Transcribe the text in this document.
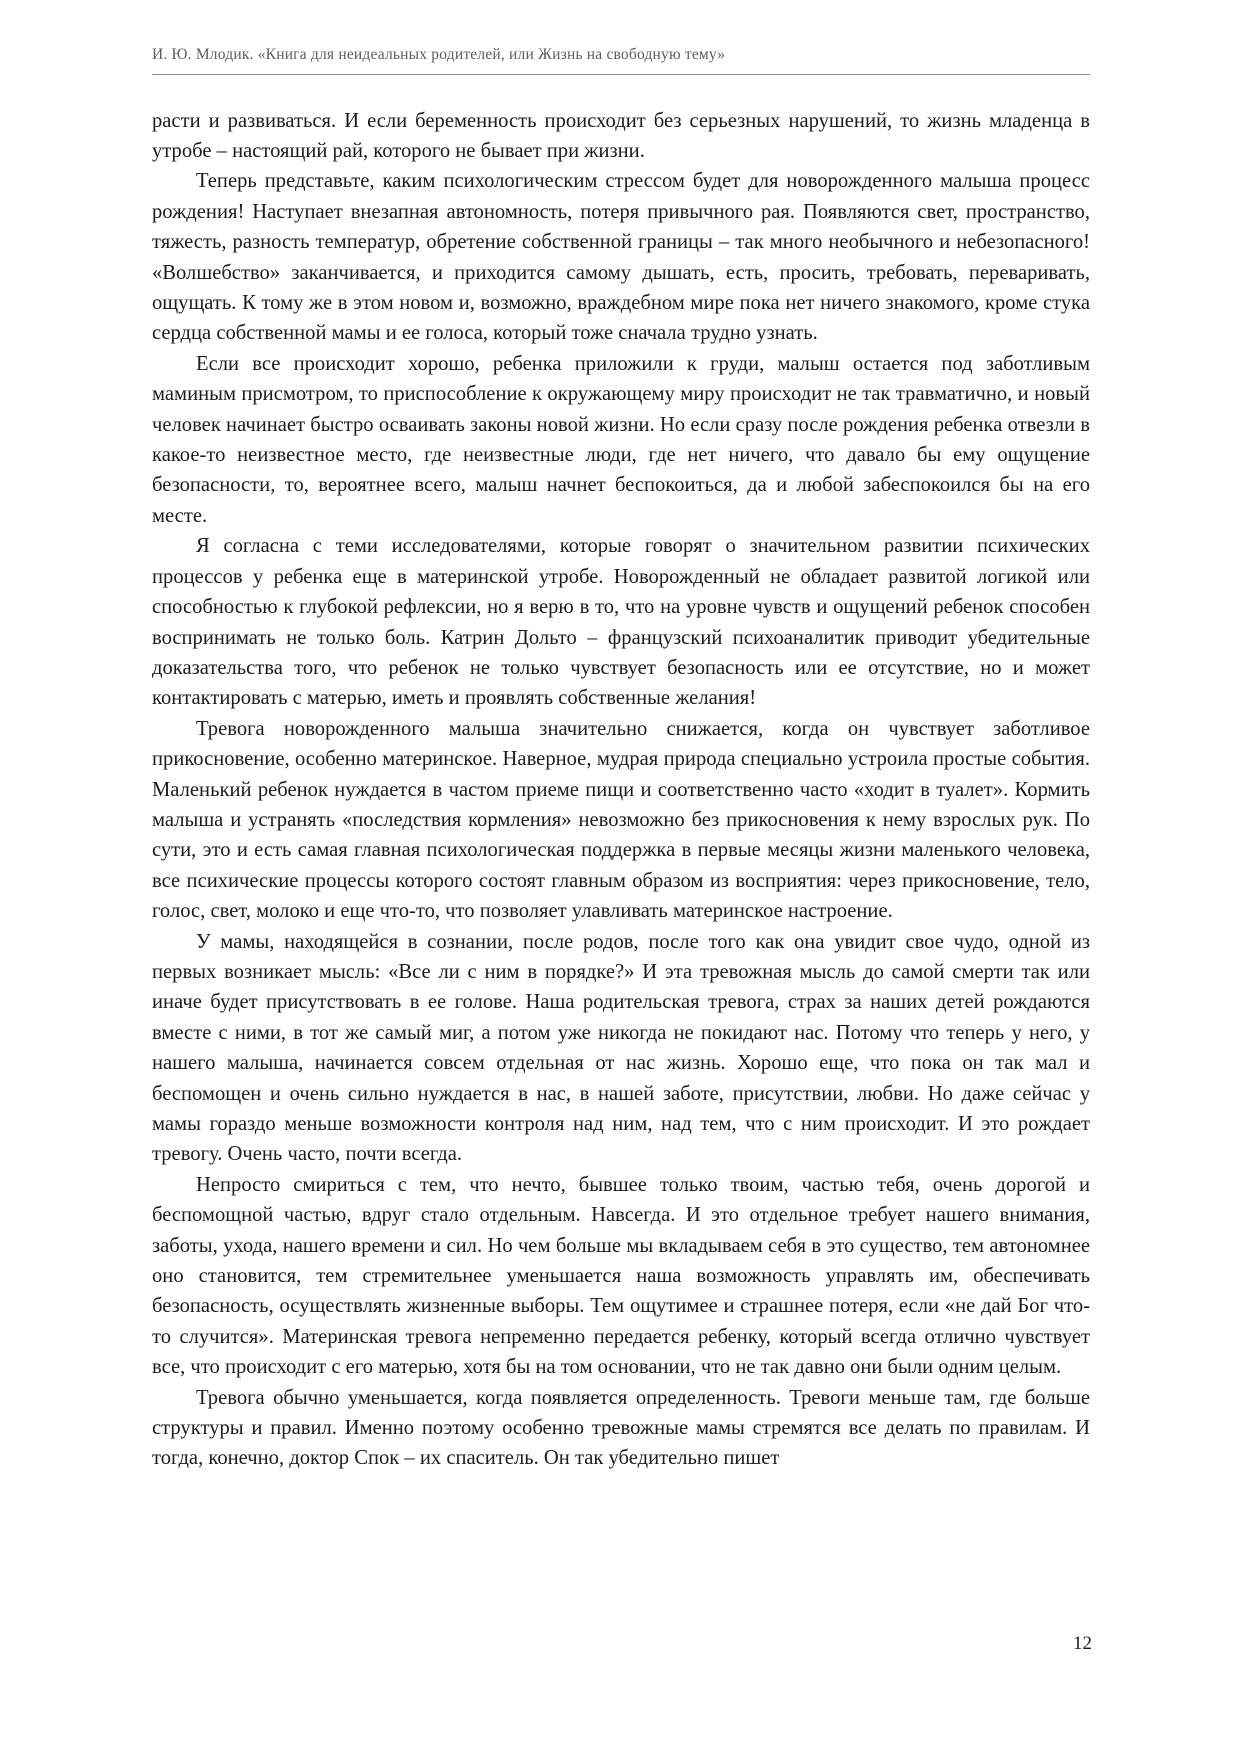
И. Ю. Млодик. «Книга для неидеальных родителей, или Жизнь на свободную тему»

расти и развиваться. И если беременность происходит без серьезных нарушений, то жизнь младенца в утробе – настоящий рай, которого не бывает при жизни.

Теперь представьте, каким психологическим стрессом будет для новорожденного малыша процесс рождения! Наступает внезапная автономность, потеря привычного рая. Появляются свет, пространство, тяжесть, разность температур, обретение собственной границы – так много необычного и небезопасного! «Волшебство» заканчивается, и приходится самому дышать, есть, просить, требовать, переваривать, ощущать. К тому же в этом новом и, возможно, враждебном мире пока нет ничего знакомого, кроме стука сердца собственной мамы и ее голоса, который тоже сначала трудно узнать.

Если все происходит хорошо, ребенка приложили к груди, малыш остается под заботливым маминым присмотром, то приспособление к окружающему миру происходит не так травматично, и новый человек начинает быстро осваивать законы новой жизни. Но если сразу после рождения ребенка отвезли в какое-то неизвестное место, где неизвестные люди, где нет ничего, что давало бы ему ощущение безопасности, то, вероятнее всего, малыш начнет беспокоиться, да и любой забеспокоился бы на его месте.

Я согласна с теми исследователями, которые говорят о значительном развитии психических процессов у ребенка еще в материнской утробе. Новорожденный не обладает развитой логикой или способностью к глубокой рефлексии, но я верю в то, что на уровне чувств и ощущений ребенок способен воспринимать не только боль. Катрин Дольто – французский психоаналитик приводит убедительные доказательства того, что ребенок не только чувствует безопасность или ее отсутствие, но и может контактировать с матерью, иметь и проявлять собственные желания!

Тревога новорожденного малыша значительно снижается, когда он чувствует заботливое прикосновение, особенно материнское. Наверное, мудрая природа специально устроила простые события. Маленький ребенок нуждается в частом приеме пищи и соответственно часто «ходит в туалет». Кормить малыша и устранять «последствия кормления» невозможно без прикосновения к нему взрослых рук. По сути, это и есть самая главная психологическая поддержка в первые месяцы жизни маленького человека, все психические процессы которого состоят главным образом из восприятия: через прикосновение, тело, голос, свет, молоко и еще что-то, что позволяет улавливать материнское настроение.

У мамы, находящейся в сознании, после родов, после того как она увидит свое чудо, одной из первых возникает мысль: «Все ли с ним в порядке?» И эта тревожная мысль до самой смерти так или иначе будет присутствовать в ее голове. Наша родительская тревога, страх за наших детей рождаются вместе с ними, в тот же самый миг, а потом уже никогда не покидают нас. Потому что теперь у него, у нашего малыша, начинается совсем отдельная от нас жизнь. Хорошо еще, что пока он так мал и беспомощен и очень сильно нуждается в нас, в нашей заботе, присутствии, любви. Но даже сейчас у мамы гораздо меньше возможности контроля над ним, над тем, что с ним происходит. И это рождает тревогу. Очень часто, почти всегда.

Непросто смириться с тем, что нечто, бывшее только твоим, частью тебя, очень дорогой и беспомощной частью, вдруг стало отдельным. Навсегда. И это отдельное требует нашего внимания, заботы, ухода, нашего времени и сил. Но чем больше мы вкладываем себя в это существо, тем автономнее оно становится, тем стремительнее уменьшается наша возможность управлять им, обеспечивать безопасность, осуществлять жизненные выборы. Тем ощутимее и страшнее потеря, если «не дай Бог что-то случится». Материнская тревога непременно передается ребенку, который всегда отлично чувствует все, что происходит с его матерью, хотя бы на том основании, что не так давно они были одним целым.

Тревога обычно уменьшается, когда появляется определенность. Тревоги меньше там, где больше структуры и правил. Именно поэтому особенно тревожные мамы стремятся все делать по правилам. И тогда, конечно, доктор Спок – их спаситель. Он так убедительно пишет

12
